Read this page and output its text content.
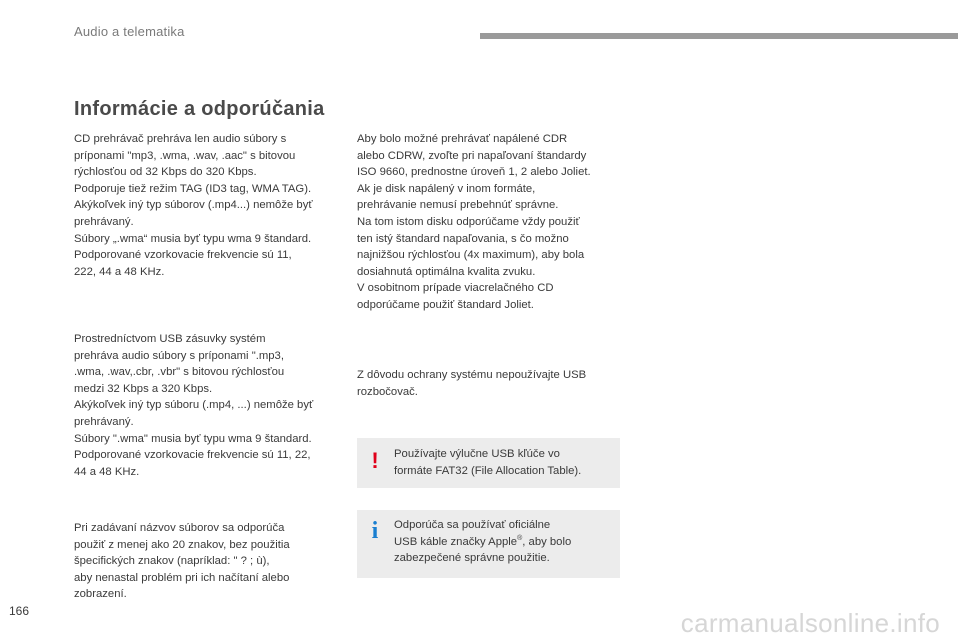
Audio a telematika
Informácie a odporúčania

CD prehrávač prehráva len audio súbory s
príponami "mp3, .wma, .wav, .aac" s bitovou
rýchlosťou od 32 Kbps do 320 Kbps.
Podporuje tiež režim TAG (ID3 tag, WMA TAG).
Akýkoľvek iný typ súborov (.mp4...) nemôže byť
prehrávaný.
Súbory „.wma“ musia byť typu wma 9 štandard.
Podporované vzorkovacie frekvencie sú 11,
222, 44 a 48 KHz.

Prostredníctvom USB zásuvky systém
prehráva audio súbory s príponami ".mp3,
.wma, .wav,.cbr, .vbr" s bitovou rýchlosťou
medzi 32 Kbps a 320 Kbps.
Akýkoľvek iný typ súboru (.mp4, ...) nemôže byť
prehrávaný.
Súbory ".wma" musia byť typu wma 9 štandard.
Podporované vzorkovacie frekvencie sú 11, 22,
44 a 48 KHz.

Pri zadávaní názvov súborov sa odporúča
použiť z menej ako 20 znakov, bez použitia
špecifických znakov (napríklad: " ? ; ù),
aby nenastal problém pri ich načítaní alebo
zobrazení.

Aby bolo možné prehrávať napálené CDR
alebo CDRW, zvoľte pri napaľovaní štandardy
ISO 9660, prednostne úroveň 1, 2 alebo Joliet.
Ak je disk napálený v inom formáte,
prehrávanie nemusí prebehnúť správne.
Na tom istom disku odporúčame vždy použiť
ten istý štandard napaľovania, s čo možno
najnižšou rýchlosťou (4x maximum), aby bola
dosiahnutá optimálna kvalita zvuku.
V osobitnom prípade viacrelačného CD
odporúčame použiť štandard Joliet.

Z dôvodu ochrany systému nepoužívajte USB
rozbočovač.

! Používajte výlučne USB kľúče vo
formáte FAT32 (File Allocation Table).

i	Odporúča sa používať oficiálne
USB káble značky Apple®, aby bolo
zabezpečené správne použitie.
166	carmanualsonline.info
